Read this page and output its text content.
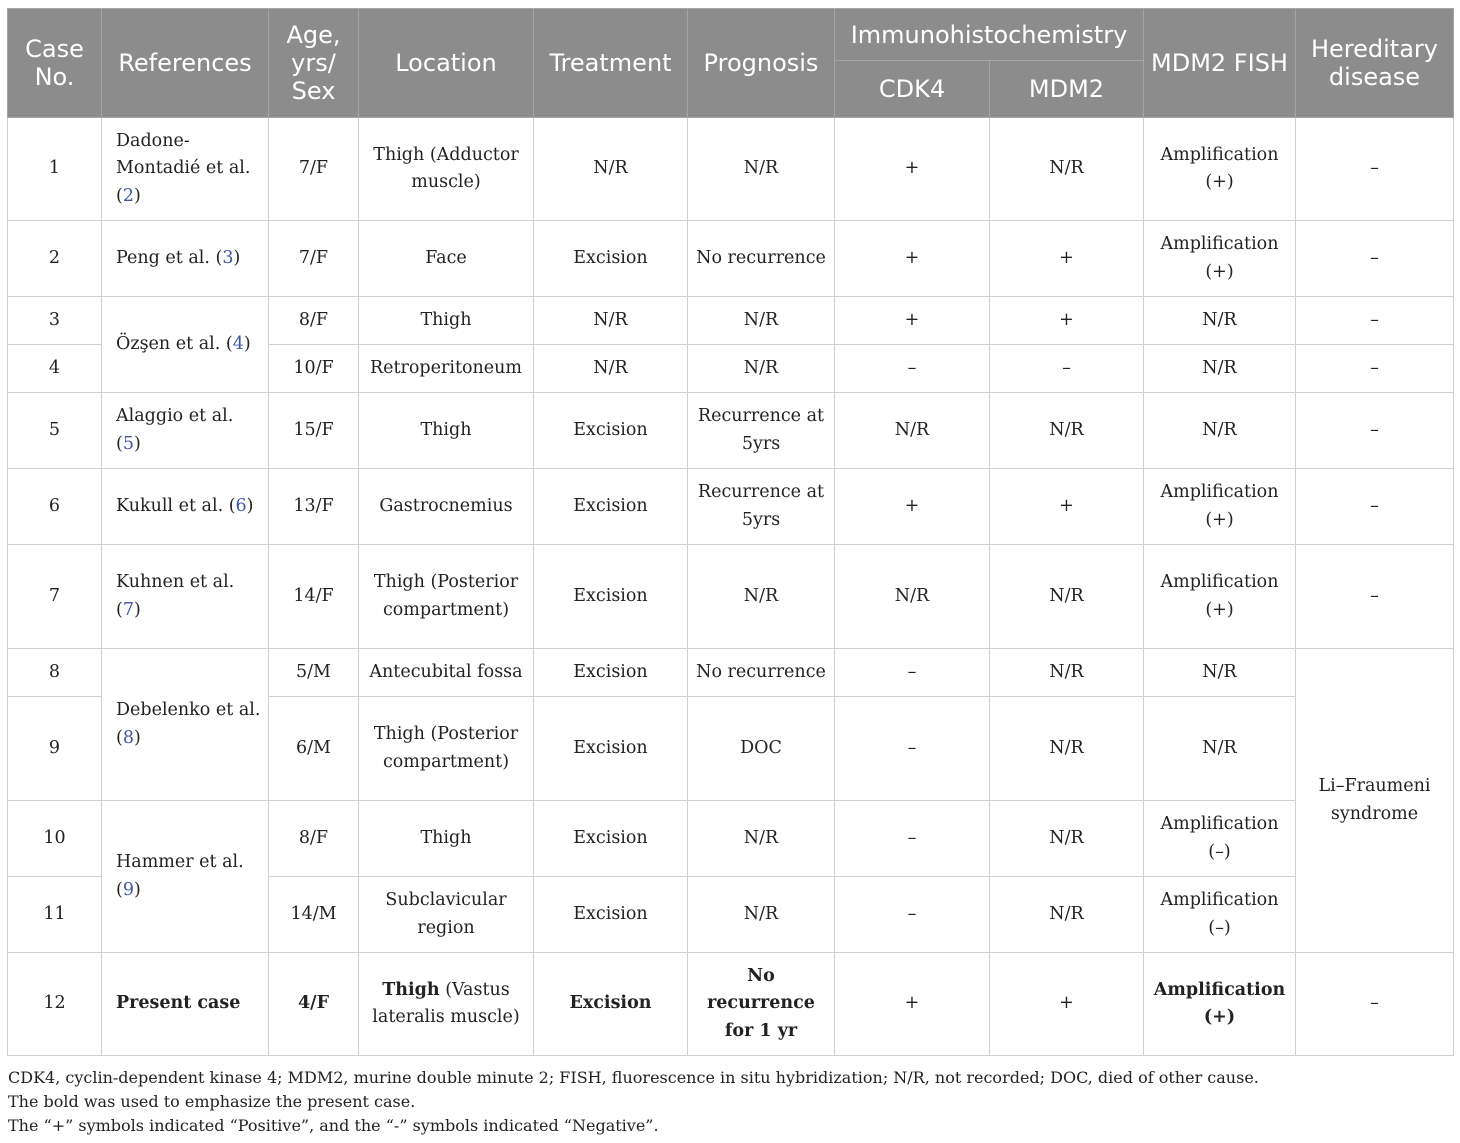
Case No.	References	Age, yrs/ Sex	Location	Treatment	Prognosis	Immunohistochemistry		MDM2 FISH	Hereditary disease
						CDK4	MDM2		
1	Dadone-Montadié et al. (2)	7/F	Thigh (Adductor muscle)	N/R	N/R	+	N/R	Amplification (+)	–
2	Peng et al. (3)	7/F	Face	Excision	No recurrence	+	+	Amplification (+)	–
3	Özşen et al. (4)	8/F	Thigh	N/R	N/R	+	+	N/R	–
4		10/F	Retroperitoneum	N/R	N/R	–	–	N/R	–
5	Alaggio et al. (5)	15/F	Thigh	Excision	Recurrence at 5yrs	N/R	N/R	N/R	–
6	Kukull et al. (6)	13/F	Gastrocnemius	Excision	Recurrence at 5yrs	+	+	Amplification (+)	–
7	Kuhnen et al. (7)	14/F	Thigh (Posterior compartment)	Excision	N/R	N/R	N/R	Amplification (+)	–
8	Debelenko et al. (8)	5/M	Antecubital fossa	Excision	No recurrence	–	N/R	N/R	Li–Fraumeni syndrome
9		6/M	Thigh (Posterior compartment)	Excision	DOC	–	N/R	N/R	
10	Hammer et al. (9)	8/F	Thigh	Excision	N/R	–	N/R	Amplification (–)	
11		14/M	Subclavicular region	Excision	N/R	–	N/R	Amplification (–)	
12	Present case	4/F	Thigh (Vastus lateralis muscle)	Excision	No recurrence for 1 yr	+	+	Amplification (+)	–
CDK4, cyclin-dependent kinase 4; MDM2, murine double minute 2; FISH, fluorescence in situ hybridization; N/R, not recorded; DOC, died of other cause.
The bold was used to emphasize the present case.
The “+” symbols indicated “Positive”, and the “-” symbols indicated “Negative”.
